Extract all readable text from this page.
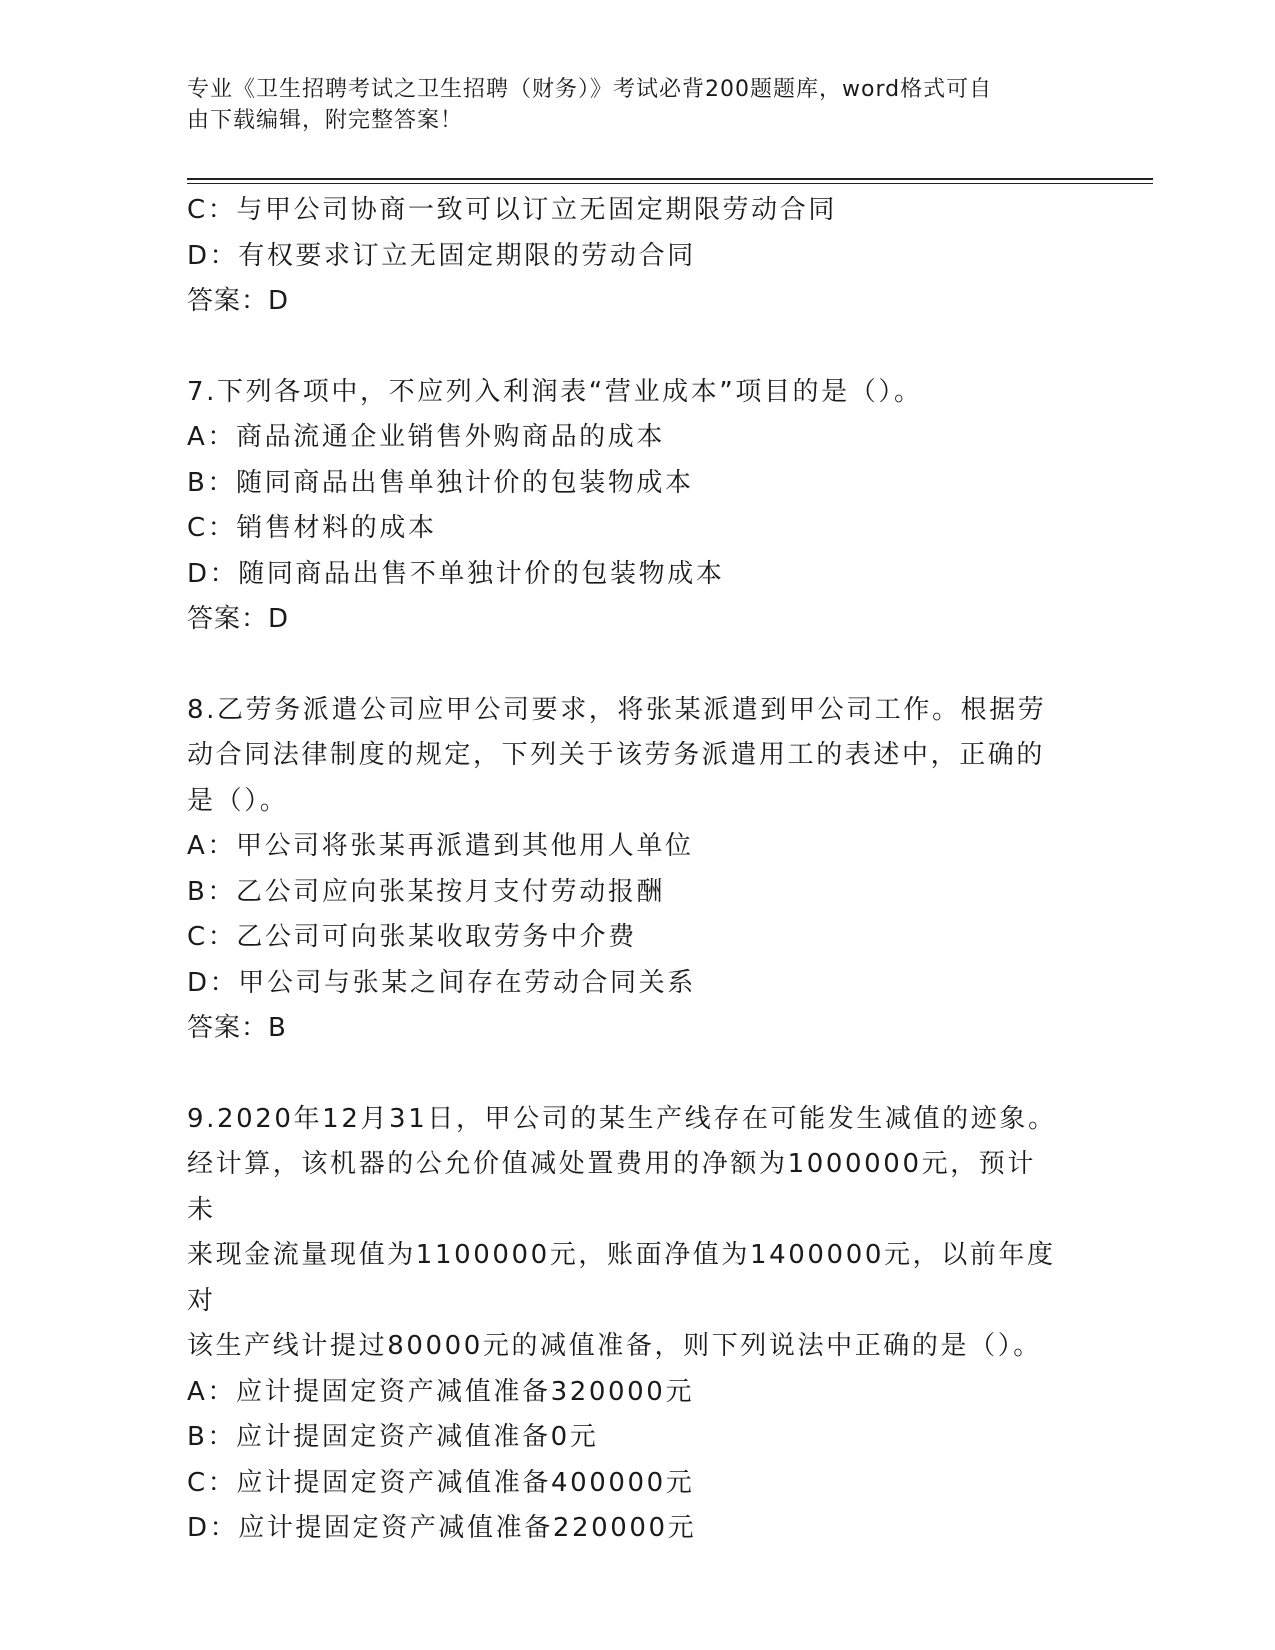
专业《卫生招聘考试之卫生招聘（财务）》考试必背200题题库，word格式可自
由下载编辑，附完整答案！

C：与甲公司协商一致可以订立无固定期限劳动合同

D：有权要求订立无固定期限的劳动合同

答案：D

7.下列各项中，不应列入利润表“营业成本”项目的是（）。

A：商品流通企业销售外购商品的成本

B：随同商品出售单独计价的包装物成本

C：销售材料的成本

D：随同商品出售不单独计价的包装物成本

答案：D

8.乙劳务派遣公司应甲公司要求，将张某派遣到甲公司工作。根据劳

动合同法律制度的规定，下列关于该劳务派遣用工的表述中，正确的

是（）。

A：甲公司将张某再派遣到其他用人单位

B：乙公司应向张某按月支付劳动报酬

C：乙公司可向张某收取劳务中介费

D：甲公司与张某之间存在劳动合同关系

答案：B

9.2020年12月31日，甲公司的某生产线存在可能发生减值的迹象。

经计算，该机器的公允价值减处置费用的净额为1000000元，预计未

来现金流量现值为1100000元，账面净值为1400000元，以前年度对

该生产线计提过80000元的减值准备，则下列说法中正确的是（）。

A：应计提固定资产减值准备320000元

B：应计提固定资产减值准备0元

C：应计提固定资产减值准备400000元

D：应计提固定资产减值准备220000元
